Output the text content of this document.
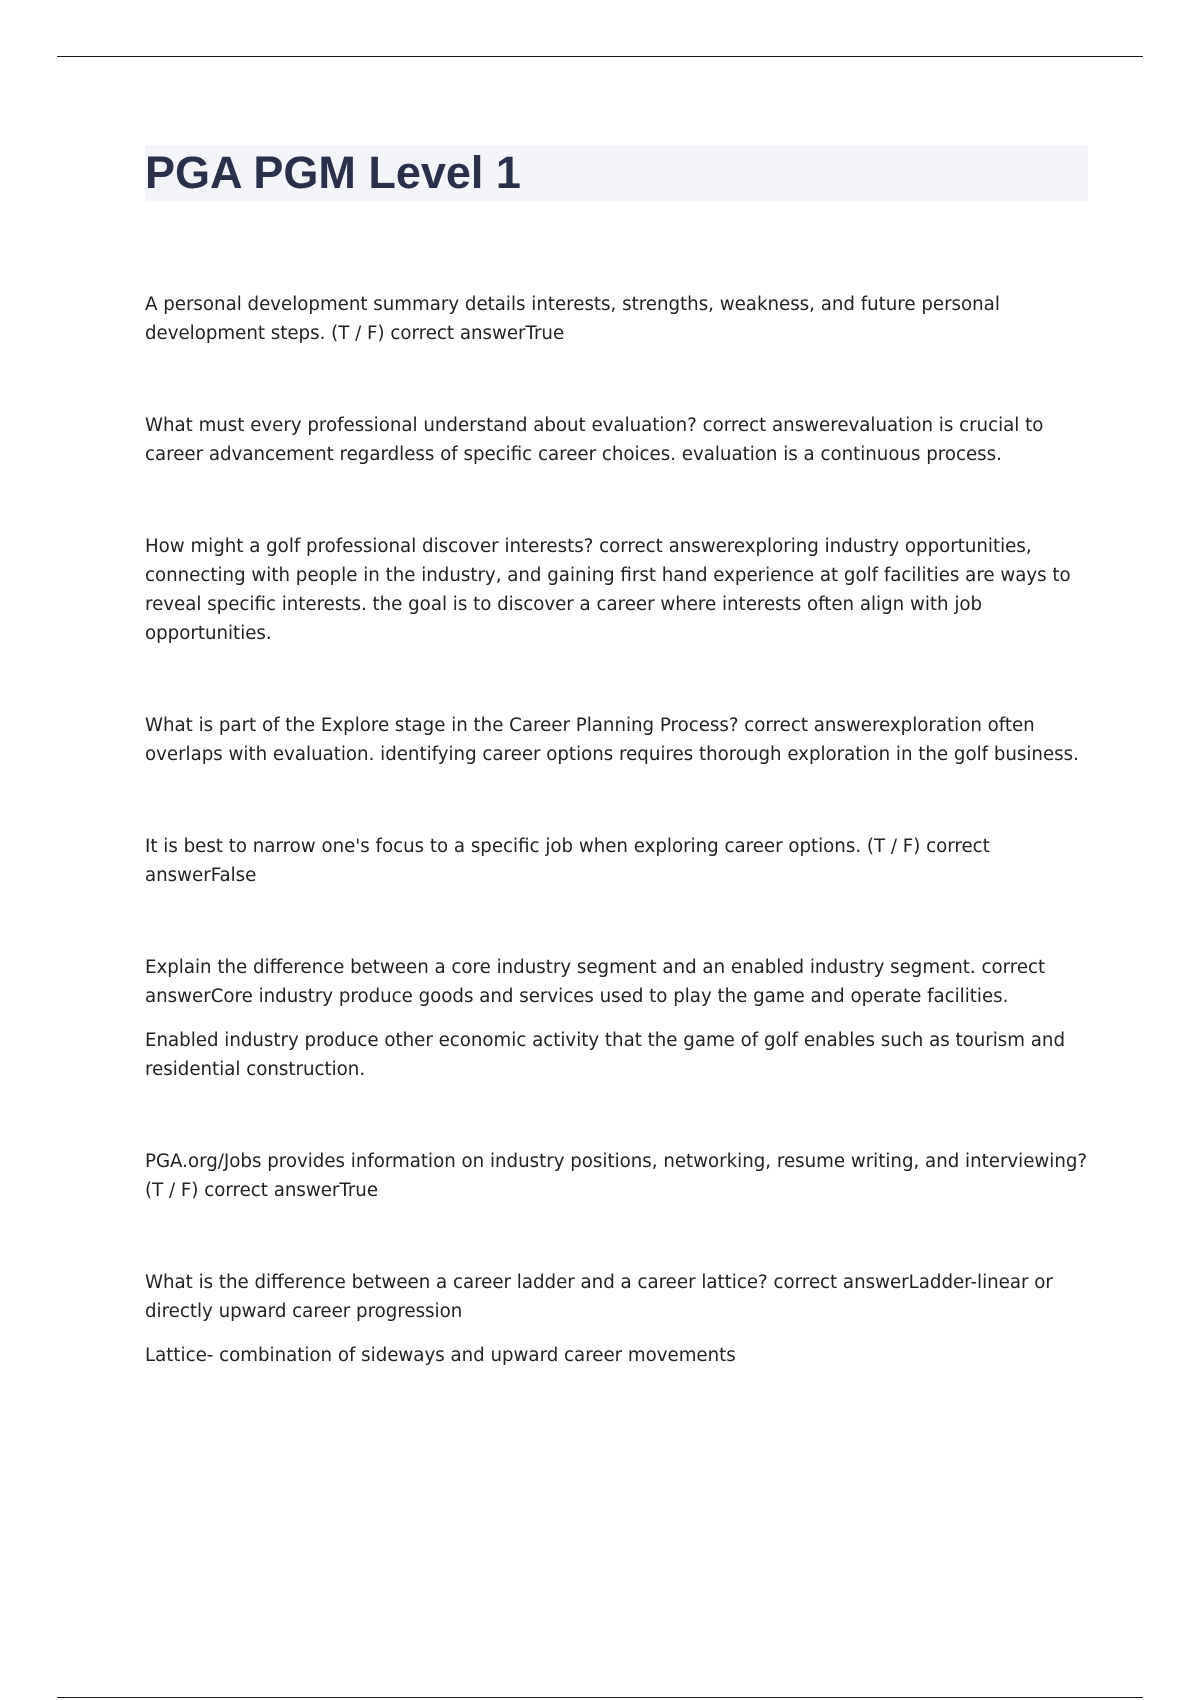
PGA PGM Level 1

A personal development summary details interests, strengths, weakness, and future personal development steps. (T / F) correct answerTrue

What must every professional understand about evaluation? correct answerevaluation is crucial to career advancement regardless of specific career choices. evaluation is a continuous process.

How might a golf professional discover interests? correct answerexploring industry opportunities, connecting with people in the industry, and gaining first hand experience at golf facilities are ways to reveal specific interests. the goal is to discover a career where interests often align with job opportunities.

What is part of the Explore stage in the Career Planning Process? correct answerexploration often overlaps with evaluation. identifying career options requires thorough exploration in the golf business.

It is best to narrow one's focus to a specific job when exploring career options. (T / F) correct answerFalse

Explain the difference between a core industry segment and an enabled industry segment. correct answerCore industry produce goods and services used to play the game and operate facilities.

Enabled industry produce other economic activity that the game of golf enables such as tourism and residential construction.

PGA.org/Jobs provides information on industry positions, networking, resume writing, and interviewing? (T / F) correct answerTrue

What is the difference between a career ladder and a career lattice? correct answerLadder-linear or directly upward career progression

Lattice- combination of sideways and upward career movements
